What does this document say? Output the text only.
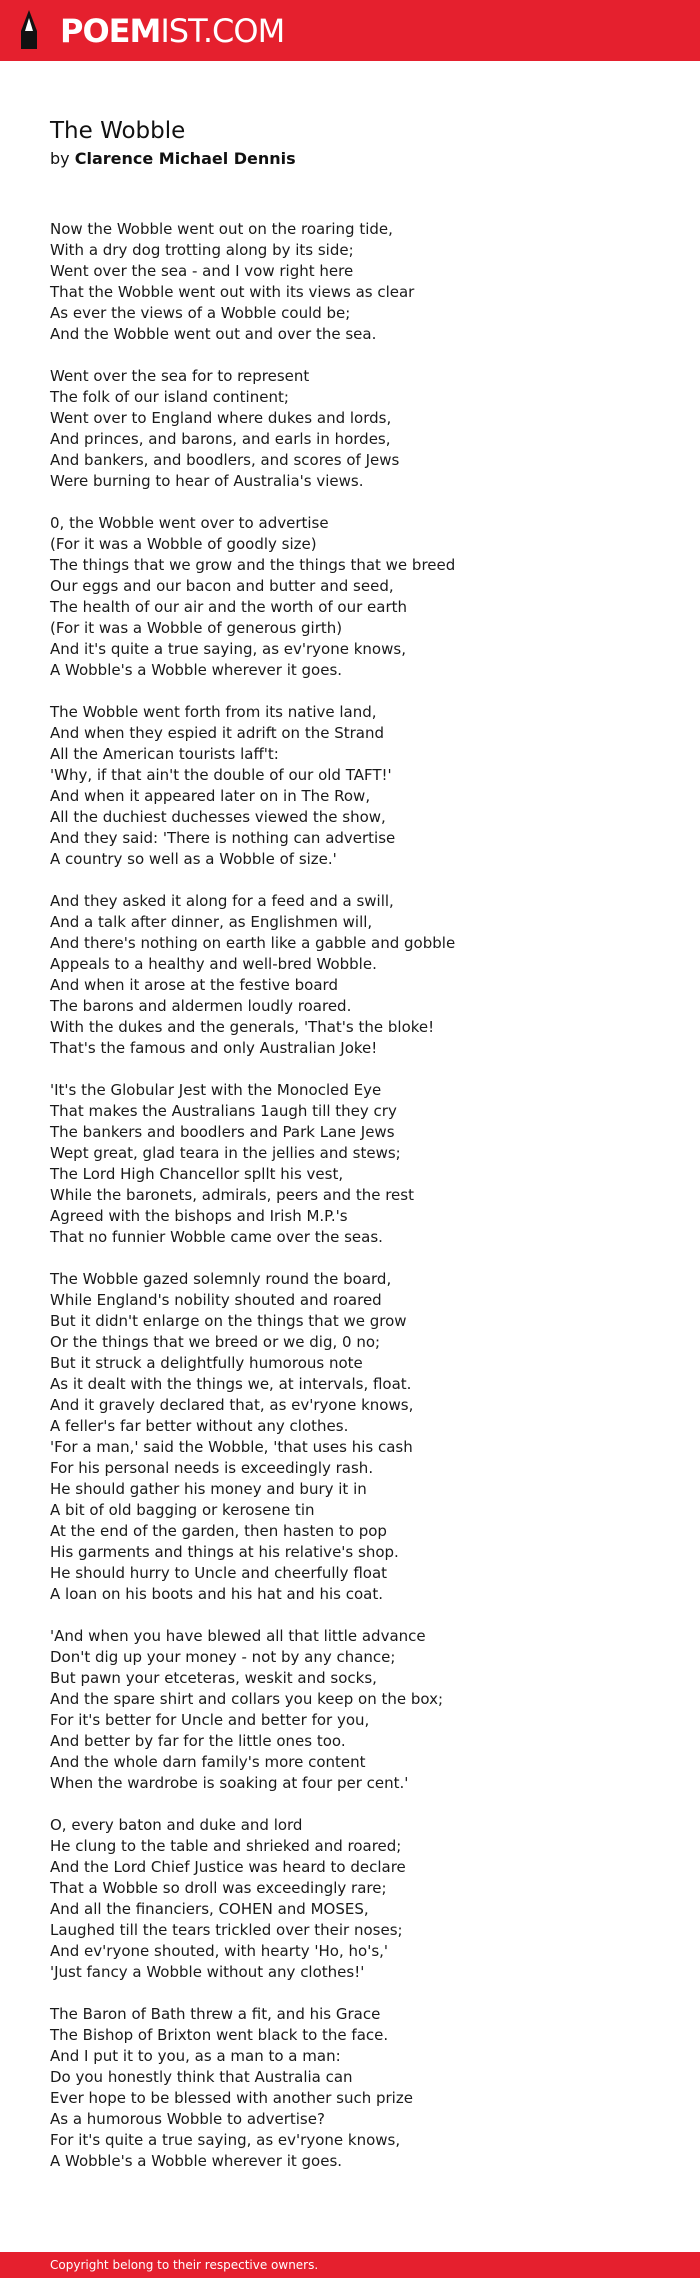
POEMIST.COM
The Wobble
by Clarence Michael Dennis
Now the Wobble went out on the roaring tide,
With a dry dog trotting along by its side;
Went over the sea - and I vow right here
That the Wobble went out with its views as clear
As ever the views of a Wobble could be;
And the Wobble went out and over the sea.
Went over the sea for to represent
The folk of our island continent;
Went over to England where dukes and lords,
And princes, and barons, and earls in hordes,
And bankers, and boodlers, and scores of Jews
Were burning to hear of Australia's views.
0, the Wobble went over to advertise
(For it was a Wobble of goodly size)
The things that we grow and the things that we breed
Our eggs and our bacon and butter and seed,
The health of our air and the worth of our earth
(For it was a Wobble of generous girth)
And it's quite a true saying, as ev'ryone knows,
A Wobble's a Wobble wherever it goes.
The Wobble went forth from its native land,
And when they espied it adrift on the Strand
All the American tourists laff't:
'Why, if that ain't the double of our old TAFT!'
And when it appeared later on in The Row,
All the duchiest duchesses viewed the show,
And they said: 'There is nothing can advertise
A country so well as a Wobble of size.'
And they asked it along for a feed and a swill,
And a talk after dinner, as Englishmen will,
And there's nothing on earth like a gabble and gobble
Appeals to a healthy and well-bred Wobble.
And when it arose at the festive board
The barons and aldermen loudly roared.
With the dukes and the generals, 'That's the bloke!
That's the famous and only Australian Joke!
'It's the Globular Jest with the Monocled Eye
That makes the Australians 1augh till they cry
The bankers and boodlers and Park Lane Jews
Wept great, glad teara in the jellies and stews;
The Lord High Chancellor spllt his vest,
While the baronets, admirals, peers and the rest
Agreed with the bishops and Irish M.P.'s
That no funnier Wobble came over the seas.
The Wobble gazed solemnly round the board,
While England's nobility shouted and roared
But it didn't enlarge on the things that we grow
Or the things that we breed or we dig, 0 no;
But it struck a delightfully humorous note
As it dealt with the things we, at intervals, float.
And it gravely declared that, as ev'ryone knows,
A feller's far better without any clothes.
'For a man,' said the Wobble, 'that uses his cash
For his personal needs is exceedingly rash.
He should gather his money and bury it in
A bit of old bagging or kerosene tin
At the end of the garden, then hasten to pop
His garments and things at his relative's shop.
He should hurry to Uncle and cheerfully float
A loan on his boots and his hat and his coat.
'And when you have blewed all that little advance
Don't dig up your money - not by any chance;
But pawn your etceteras, weskit and socks,
And the spare shirt and collars you keep on the box;
For it's better for Uncle and better for you,
And better by far for the little ones too.
And the whole darn family's more content
When the wardrobe is soaking at four per cent.'
O, every baton and duke and lord
He clung to the table and shrieked and roared;
And the Lord Chief Justice was heard to declare
That a Wobble so droll was exceedingly rare;
And all the financiers, COHEN and MOSES,
Laughed till the tears trickled over their noses;
And ev'ryone shouted, with hearty 'Ho, ho's,'
'Just fancy a Wobble without any clothes!'
The Baron of Bath threw a fit, and his Grace
The Bishop of Brixton went black to the face.
And I put it to you, as a man to a man:
Do you honestly think that Australia can
Ever hope to be blessed with another such prize
As a humorous Wobble to advertise?
For it's quite a true saying, as ev'ryone knows,
A Wobble's a Wobble wherever it goes.
Copyright belong to their respective owners.
